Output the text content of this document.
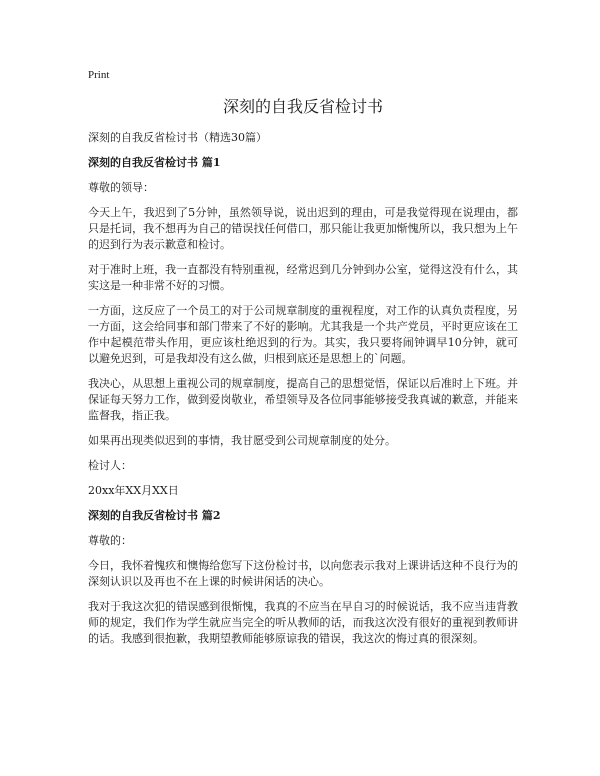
Print
深刻的自我反省检讨书
深刻的自我反省检讨书（精选30篇）
深刻的自我反省检讨书 篇1

尊敬的领导：

今天上午，我迟到了5分钟，虽然领导说，说出迟到的理由，可是我觉得现在说理由，都只是托词，我不想再为自己的错误找任何借口，那只能让我更加惭愧所以，我只想为上午的迟到行为表示歉意和检讨。

对于准时上班，我一直都没有特别重视，经常迟到几分钟到办公室，觉得这没有什么，其实这是一种非常不好的习惯。

一方面，这反应了一个员工的对于公司规章制度的重视程度，对工作的认真负责程度，另一方面，这会给同事和部门带来了不好的影响。尤其我是一个共产党员，平时更应该在工作中起模范带头作用，更应该杜绝迟到的行为。其实，我只要将闹钟调早10分钟，就可以避免迟到，可是我却没有这么做，归根到底还是思想上的`问题。

我决心，从思想上重视公司的规章制度，提高自己的思想觉悟，保证以后准时上下班。并保证每天努力工作，做到爱岗敬业，希望领导及各位同事能够接受我真诚的歉意，并能来监督我，指正我。

如果再出现类似迟到的事情，我甘愿受到公司规章制度的处分。

检讨人：

20xx年XX月XX日

深刻的自我反省检讨书 篇2

尊敬的：

今日，我怀着愧疚和懊悔给您写下这份检讨书，以向您表示我对上课讲话这种不良行为的深刻认识以及再也不在上课的时候讲闲话的决心。

我对于我这次犯的错误感到很惭愧，我真的不应当在早自习的时候说话，我不应当违背教师的规定，我们作为学生就应当完全的听从教师的话，而我这次没有很好的重视到教师讲的话。我感到很抱歉，我期望教师能够原谅我的错误，我这次的悔过真的很深刻。
